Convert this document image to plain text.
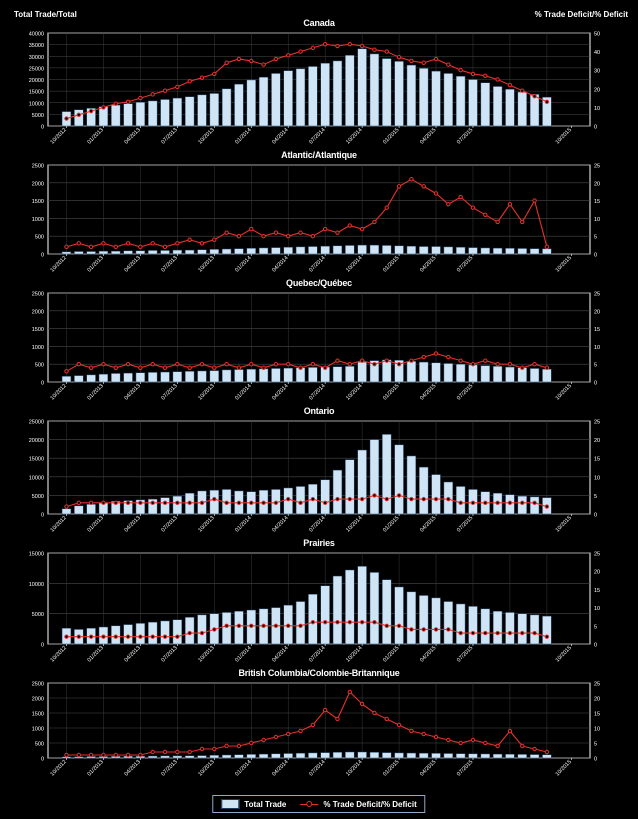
Total Trade/Total	% Trade Deficit/% Deficit
Canada
0
5000
10000
15000
20000
25000
30000
35000
40000
0
10
20
30
40
50
10/2012	01/2013	04/2013	07/2013	10/2013	01/2014	04/2014	07/2014	10/2014	01/2015	04/2015	07/2015	10/2015
Atlantic/Atlantique
0
500
1000
1500
2000
2500
0
5
10
15
20
25
10/2012	01/2013	04/2013	07/2013	10/2013	01/2014	04/2014	07/2014	10/2014	01/2015	04/2015	07/2015	10/2015
Quebec/Québec
0
500
1000
1500
2000
2500
0
5
10
15
20
25
10/2012	01/2013	04/2013	07/2013	10/2013	01/2014	04/2014	07/2014	10/2014	01/2015	04/2015	07/2015	10/2015
Ontario
0
5000
10000
15000
20000
25000
0
5
10
15
20
25
10/2012	01/2013	04/2013	07/2013	10/2013	01/2014	04/2014	07/2014	10/2014	01/2015	04/2015	07/2015	10/2015
Prairies
0
5000
10000
15000
0
5
10
15
20
25
10/2012	01/2013	04/2013	07/2013	10/2013	01/2014	04/2014	07/2014	10/2014	01/2015	04/2015	07/2015	10/2015
British Columbia/Colombie-Britannique
0
500
1000
1500
2000
2500
0
5
10
15
20
25
10/2012	01/2013	04/2013	07/2013	10/2013	01/2014	04/2014	07/2014	10/2014	01/2015	04/2015	07/2015	10/2015
Total Trade	% Trade Deficit/% Deficit
